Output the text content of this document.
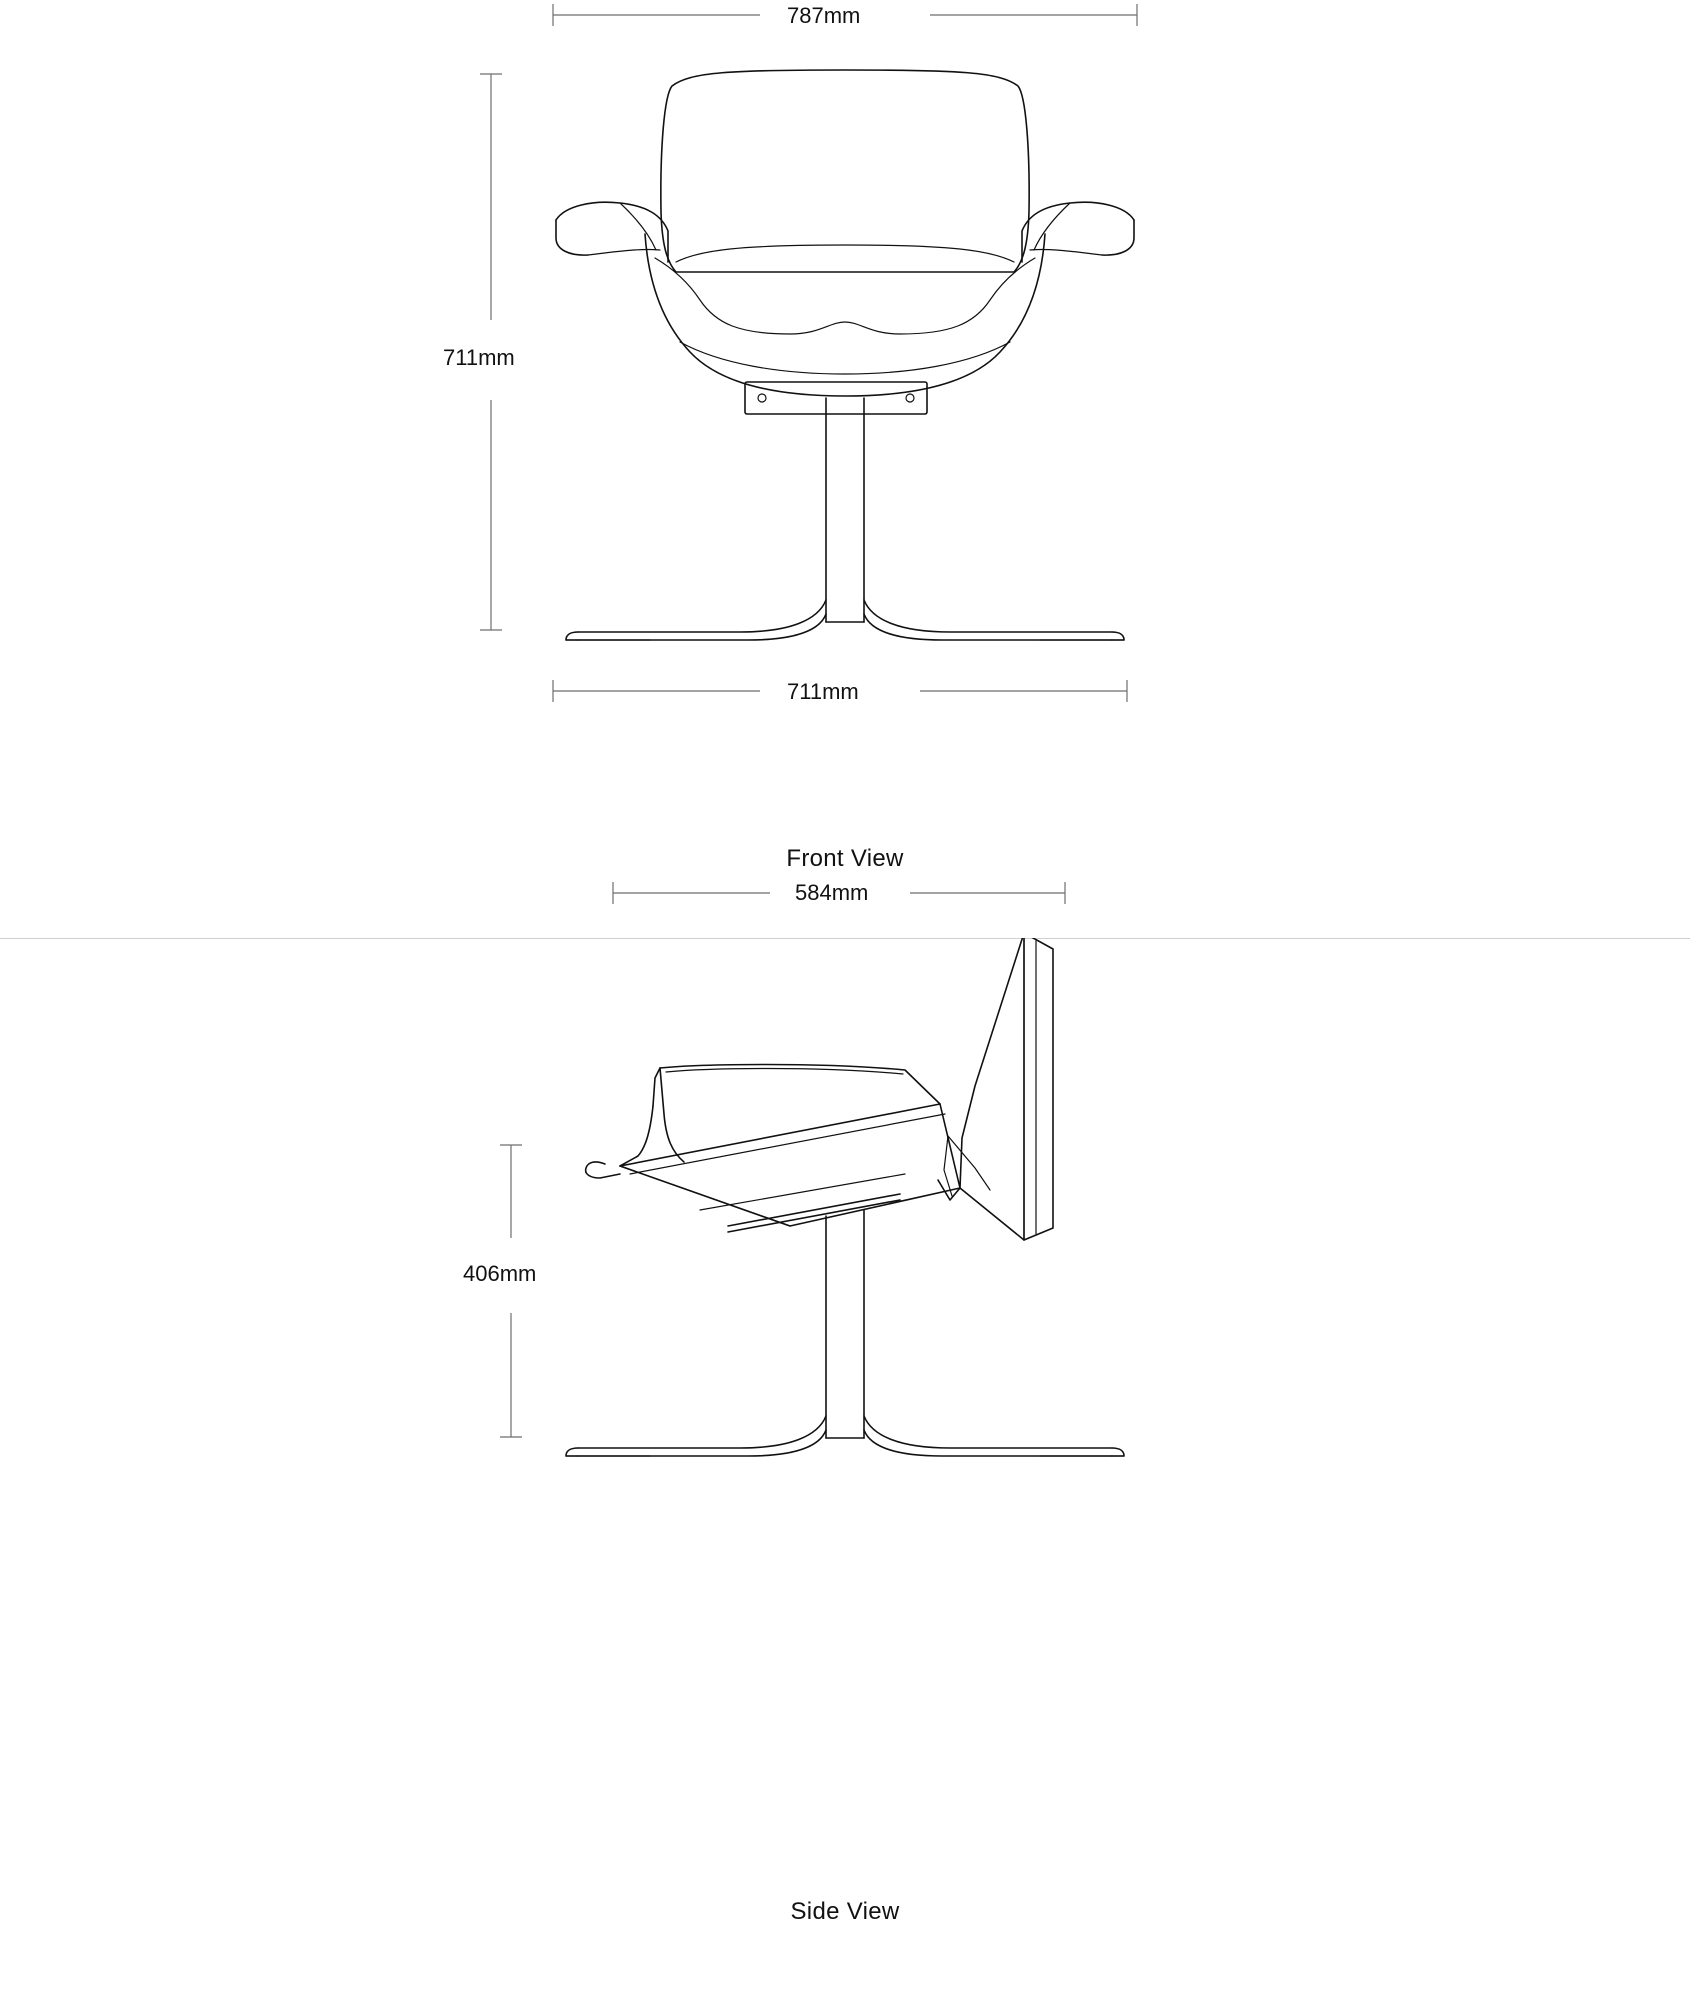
787mm
711mm
711mm
Front View
584mm
406mm
Side View
